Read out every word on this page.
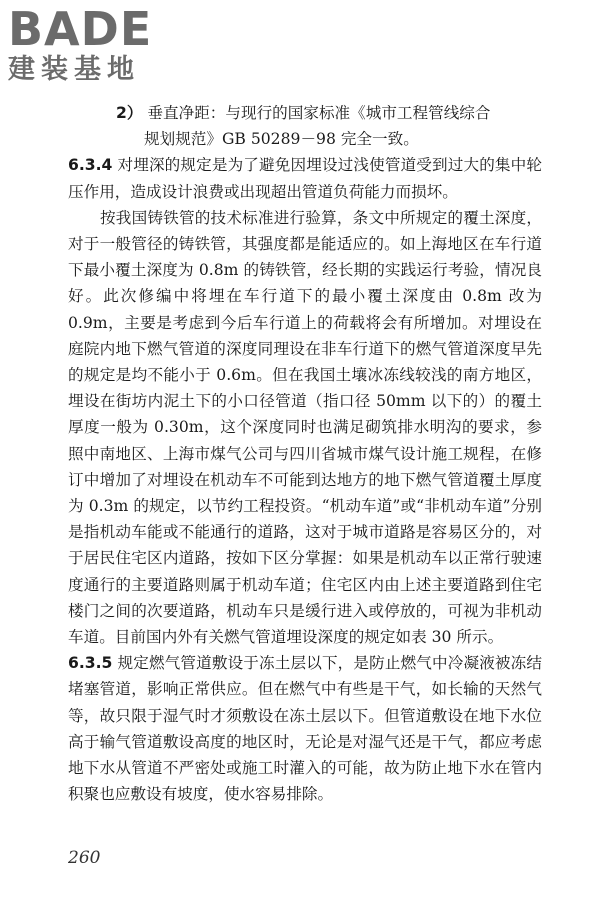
BADE
建装基地

2） 垂直净距：与现行的国家标准《城市工程管线综合
规划规范》GB 50289－98 完全一致。

6.3.4 对埋深的规定是为了避免因埋设过浅使管道受到过大的集中轮压作用，造成设计浪费或出现超出管道负荷能力而损坏。

按我国铸铁管的技术标准进行验算，条文中所规定的覆土深度，对于一般管径的铸铁管，其强度都是能适应的。如上海地区在车行道下最小覆土深度为 0.8m 的铸铁管，经长期的实践运行考验，情况良好。此次修编中将埋在车行道下的最小覆土深度由 0.8m 改为 0.9m，主要是考虑到今后车行道上的荷载将会有所增加。对埋设在庭院内地下燃气管道的深度同理设在非车行道下的燃气管道深度早先的规定是均不能小于 0.6m。但在我国土壤冰冻线较浅的南方地区，埋设在街坊内泥土下的小口径管道（指口径 50mm 以下的）的覆土厚度一般为 0.30m，这个深度同时也满足砌筑排水明沟的要求，参照中南地区、上海市煤气公司与四川省城市煤气设计施工规程，在修订中增加了对埋设在机动车不可能到达地方的地下燃气管道覆土厚度为 0.3m 的规定，以节约工程投资。“机动车道”或“非机动车道”分别是指机动车能或不能通行的道路，这对于城市道路是容易区分的，对于居民住宅区内道路，按如下区分掌握：如果是机动车以正常行驶速度通行的主要道路则属于机动车道；住宅区内由上述主要道路到住宅楼门之间的次要道路，机动车只是缓行进入或停放的，可视为非机动车道。目前国内外有关燃气管道埋设深度的规定如表 30 所示。

6.3.5 规定燃气管道敷设于冻土层以下，是防止燃气中冷凝液被冻结堵塞管道，影响正常供应。但在燃气中有些是干气，如长输的天然气等，故只限于湿气时才须敷设在冻土层以下。但管道敷设在地下水位高于输气管道敷设高度的地区时，无论是对湿气还是干气，都应考虑地下水从管道不严密处或施工时灌入的可能，故为防止地下水在管内积聚也应敷设有坡度，使水容易排除。

260
